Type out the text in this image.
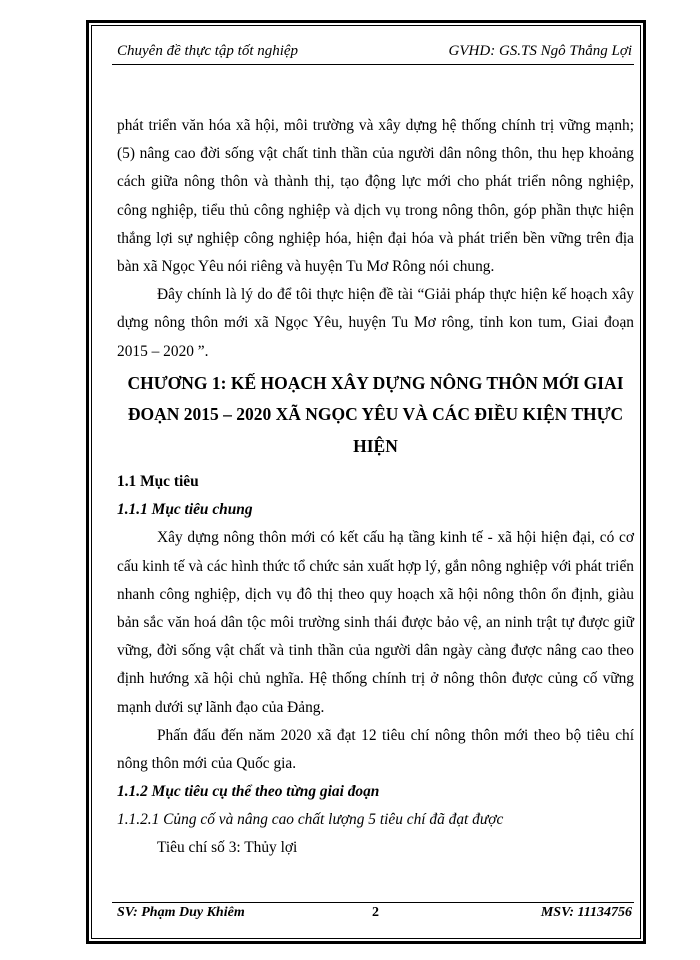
Chuyên đề thực tập tốt nghiệp	GVHD: GS.TS Ngô Thắng Lợi

phát triển văn hóa xã hội, môi trường và xây dựng hệ thống chính trị vững mạnh; (5) nâng cao đời sống vật chất tinh thần của người dân nông thôn, thu hẹp khoảng cách giữa nông thôn và thành thị, tạo động lực mới cho phát triển nông nghiệp, công nghiệp, tiểu thủ công nghiệp và dịch vụ trong nông thôn, góp phần thực hiện thắng lợi sự nghiệp công nghiệp hóa, hiện đại hóa và phát triển bền vững trên địa bàn xã Ngọc Yêu nói riêng và huyện Tu Mơ Rông nói chung.

Đây chính là lý do để tôi thực hiện đề tài “Giải pháp thực hiện kế hoạch xây dựng nông thôn mới xã Ngọc Yêu, huyện Tu Mơ rông, tỉnh kon tum, Giai đoạn 2015 – 2020 ”.

CHƯƠNG 1: KẾ HOẠCH XÂY DỰNG NÔNG THÔN MỚI GIAI ĐOẠN 2015 – 2020 XÃ NGỌC YÊU VÀ CÁC ĐIỀU KIỆN THỰC HIỆN

1.1 Mục tiêu

1.1.1 Mục tiêu chung

Xây dựng nông thôn mới có kết cấu hạ tầng kinh tế - xã hội hiện đại, có cơ cấu kinh tế và các hình thức tổ chức sản xuất hợp lý, gắn nông nghiệp với phát triển nhanh công nghiệp, dịch vụ đô thị theo quy hoạch xã hội nông thôn ổn định, giàu bản sắc văn hoá dân tộc môi trường sinh thái được bảo vệ, an ninh trật tự được giữ vững, đời sống vật chất và tinh thần của người dân ngày càng được nâng cao theo định hướng xã hội chủ nghĩa. Hệ thống chính trị ở nông thôn được củng cố vững mạnh dưới sự lãnh đạo của Đảng.

Phấn đấu đến năm 2020 xã đạt 12 tiêu chí nông thôn mới theo bộ tiêu chí nông thôn mới của Quốc gia.

1.1.2 Mục tiêu cụ thể theo từng giai đoạn

1.1.2.1 Củng cố và nâng cao chất lượng 5 tiêu chí đã đạt được

Tiêu chí số 3: Thủy lợi

SV: Phạm Duy Khiêm	2	MSV: 11134756
